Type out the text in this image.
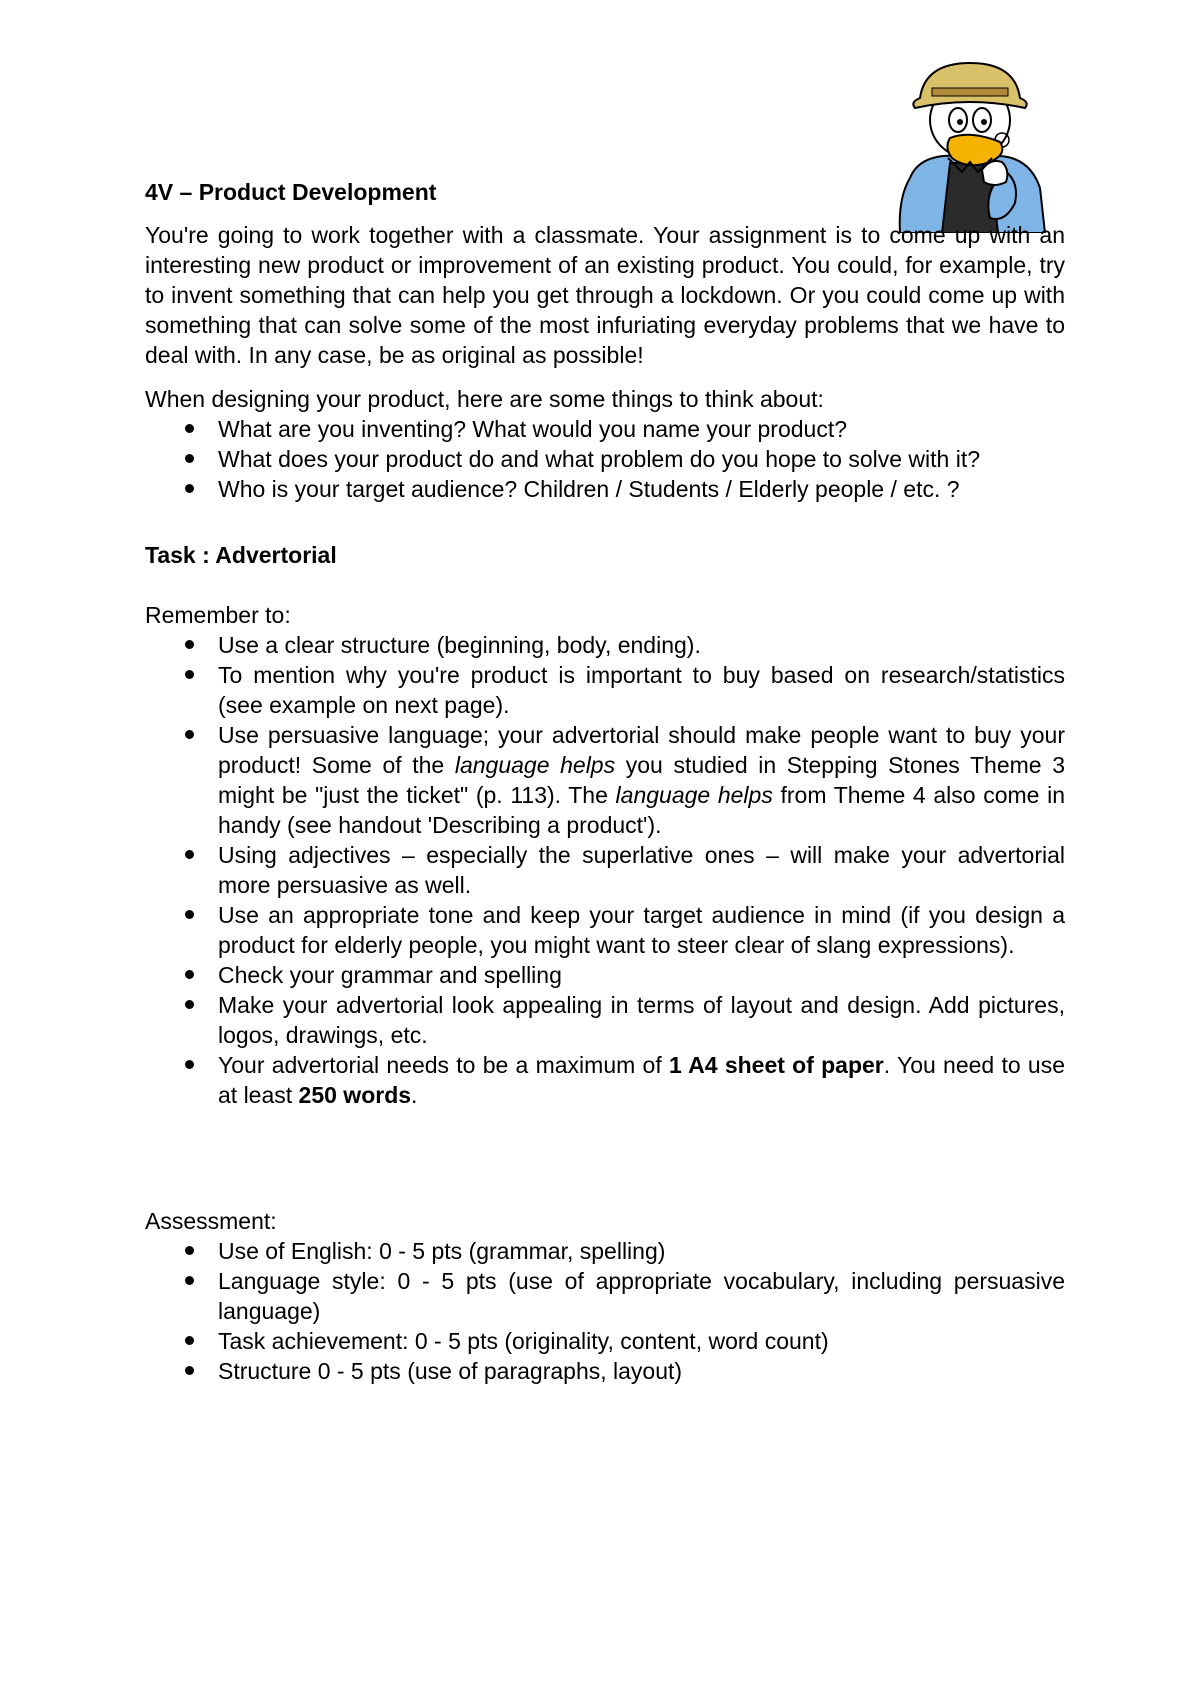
4V – Product Development

You're going to work together with a classmate. Your assignment is to come up with an interesting new product or improvement of an existing product. You could, for example, try to invent something that can help you get through a lockdown. Or you could come up with something that can solve some of the most infuriating everyday problems that we have to deal with. In any case, be as original as possible!

When designing your product, here are some things to think about:
What are you inventing? What would you name your product?
What does your product do and what problem do you hope to solve with it?
Who is your target audience? Children / Students / Elderly people / etc. ?
Task : Advertorial
Remember to:
Use a clear structure (beginning, body, ending).
To mention why you're product is important to buy based on research/statistics (see example on next page).
Use persuasive language; your advertorial should make people want to buy your product! Some of the language helps you studied in Stepping Stones Theme 3 might be "just the ticket" (p. 113). The language helps from Theme 4 also come in handy (see handout 'Describing a product').
Using adjectives – especially the superlative ones – will make your advertorial more persuasive as well.
Use an appropriate tone and keep your target audience in mind (if you design a product for elderly people, you might want to steer clear of slang expressions).
Check your grammar and spelling
Make your advertorial look appealing in terms of layout and design. Add pictures, logos, drawings, etc.
Your advertorial needs to be a maximum of 1 A4 sheet of paper. You need to use at least 250 words.
Assessment:
Use of English: 0 - 5 pts (grammar, spelling)
Language style: 0 - 5 pts (use of appropriate vocabulary, including persuasive language)
Task achievement: 0 - 5 pts (originality, content, word count)
Structure 0 - 5 pts (use of paragraphs, layout)
